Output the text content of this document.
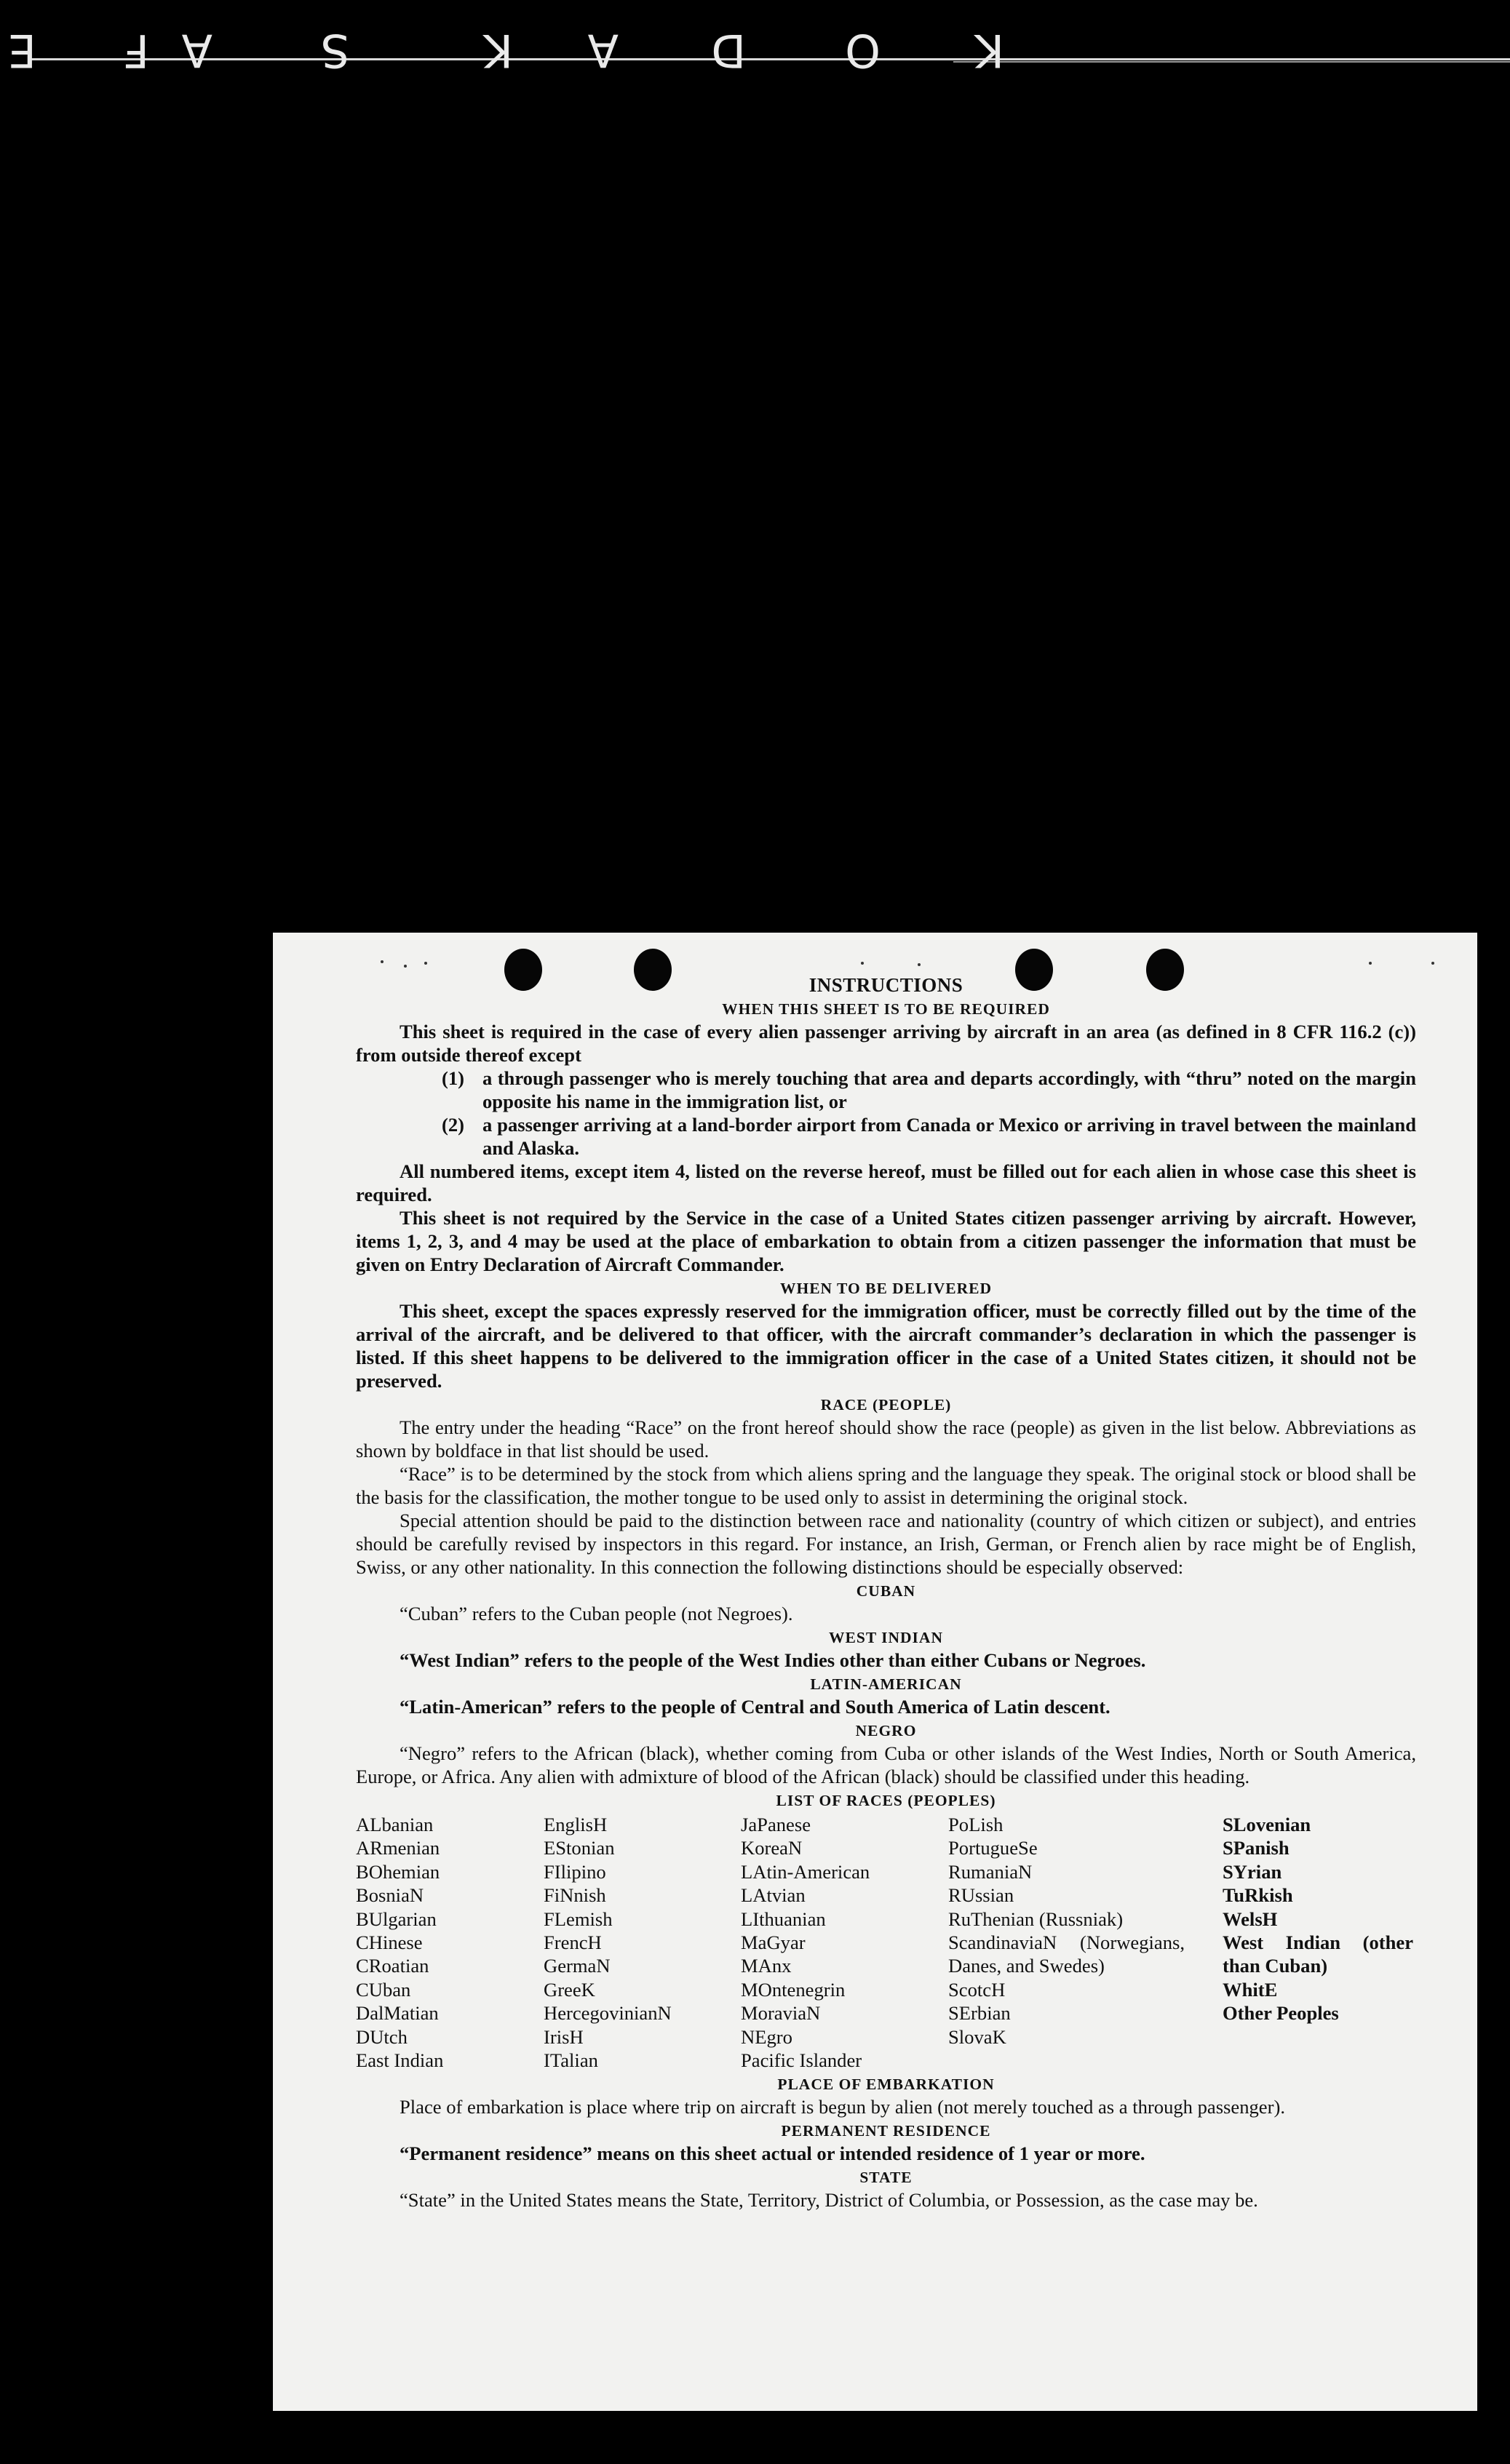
K
O
D
A
K
S
A
F
E
INSTRUCTIONS
WHEN THIS SHEET IS TO BE REQUIRED

This sheet is required in the case of every alien passenger arriving by aircraft in an area (as defined in 8 CFR 116.2 (c)) from outside thereof except

(1) a through passenger who is merely touching that area and departs accordingly, with “thru” noted on the margin opposite his name in the immigration list, or
(2) a passenger arriving at a land-border airport from Canada or Mexico or arriving in travel between the mainland and Alaska.

All numbered items, except item 4, listed on the reverse hereof, must be filled out for each alien in whose case this sheet is required.

This sheet is not required by the Service in the case of a United States citizen passenger arriving by aircraft. However, items 1, 2, 3, and 4 may be used at the place of embarkation to obtain from a citizen passenger the information that must be given on Entry Declaration of Aircraft Commander.

WHEN TO BE DELIVERED

This sheet, except the spaces expressly reserved for the immigration officer, must be correctly filled out by the time of the arrival of the aircraft, and be delivered to that officer, with the aircraft commander’s declaration in which the passenger is listed. If this sheet happens to be delivered to the immigration officer in the case of a United States citizen, it should not be preserved.

RACE (PEOPLE)

The entry under the heading “Race” on the front hereof should show the race (people) as given in the list below. Abbreviations as shown by boldface in that list should be used.

“Race” is to be determined by the stock from which aliens spring and the language they speak. The original stock or blood shall be the basis for the classification, the mother tongue to be used only to assist in determining the original stock.

Special attention should be paid to the distinction between race and nationality (country of which citizen or subject), and entries should be carefully revised by inspectors in this regard. For instance, an Irish, German, or French alien by race might be of English, Swiss, or any other nationality. In this connection the following distinctions should be especially observed:

CUBAN

“Cuban” refers to the Cuban people (not Negroes).

WEST INDIAN

“West Indian” refers to the people of the West Indies other than either Cubans or Negroes.

LATIN-AMERICAN

“Latin-American” refers to the people of Central and South America of Latin descent.

NEGRO

“Negro” refers to the African (black), whether coming from Cuba or other islands of the West Indies, North or South America, Europe, or Africa. Any alien with admixture of blood of the African (black) should be classified under this heading.

LIST OF RACES (PEOPLES)
ALbanian
ARmenian
BOhemian
BosniaN
BUlgarian
CHinese
CRoatian
CUban
DalMatian
DUtch
East Indian
EnglisH
EStonian
FIlipino
FiNnish
FLemish
FrencH
GermaN
GreeK
HercegovinianN
IrisH
ITalian
JaPanese
KoreaN
LAtin-American
LAtvian
LIthuanian
MaGyar
MAnx
MOntenegrin
MoraviaN
NEgro
Pacific Islander
PoLish
PortugueSe
RumaniaN
RUssian
RuThenian (Russniak)
ScandinaviaN (Norwegians, Danes, and Swedes)
ScotcH
SErbian
SlovaK
SLovenian
SPanish
SYrian
TuRkish
WelsH
West Indian (other than Cuban)
WhitE
Other Peoples
PLACE OF EMBARKATION

Place of embarkation is place where trip on aircraft is begun by alien (not merely touched as a through passenger).

PERMANENT RESIDENCE

“Permanent residence” means on this sheet actual or intended residence of 1 year or more.

STATE

“State” in the United States means the State, Territory, District of Columbia, or Possession, as the case may be.
